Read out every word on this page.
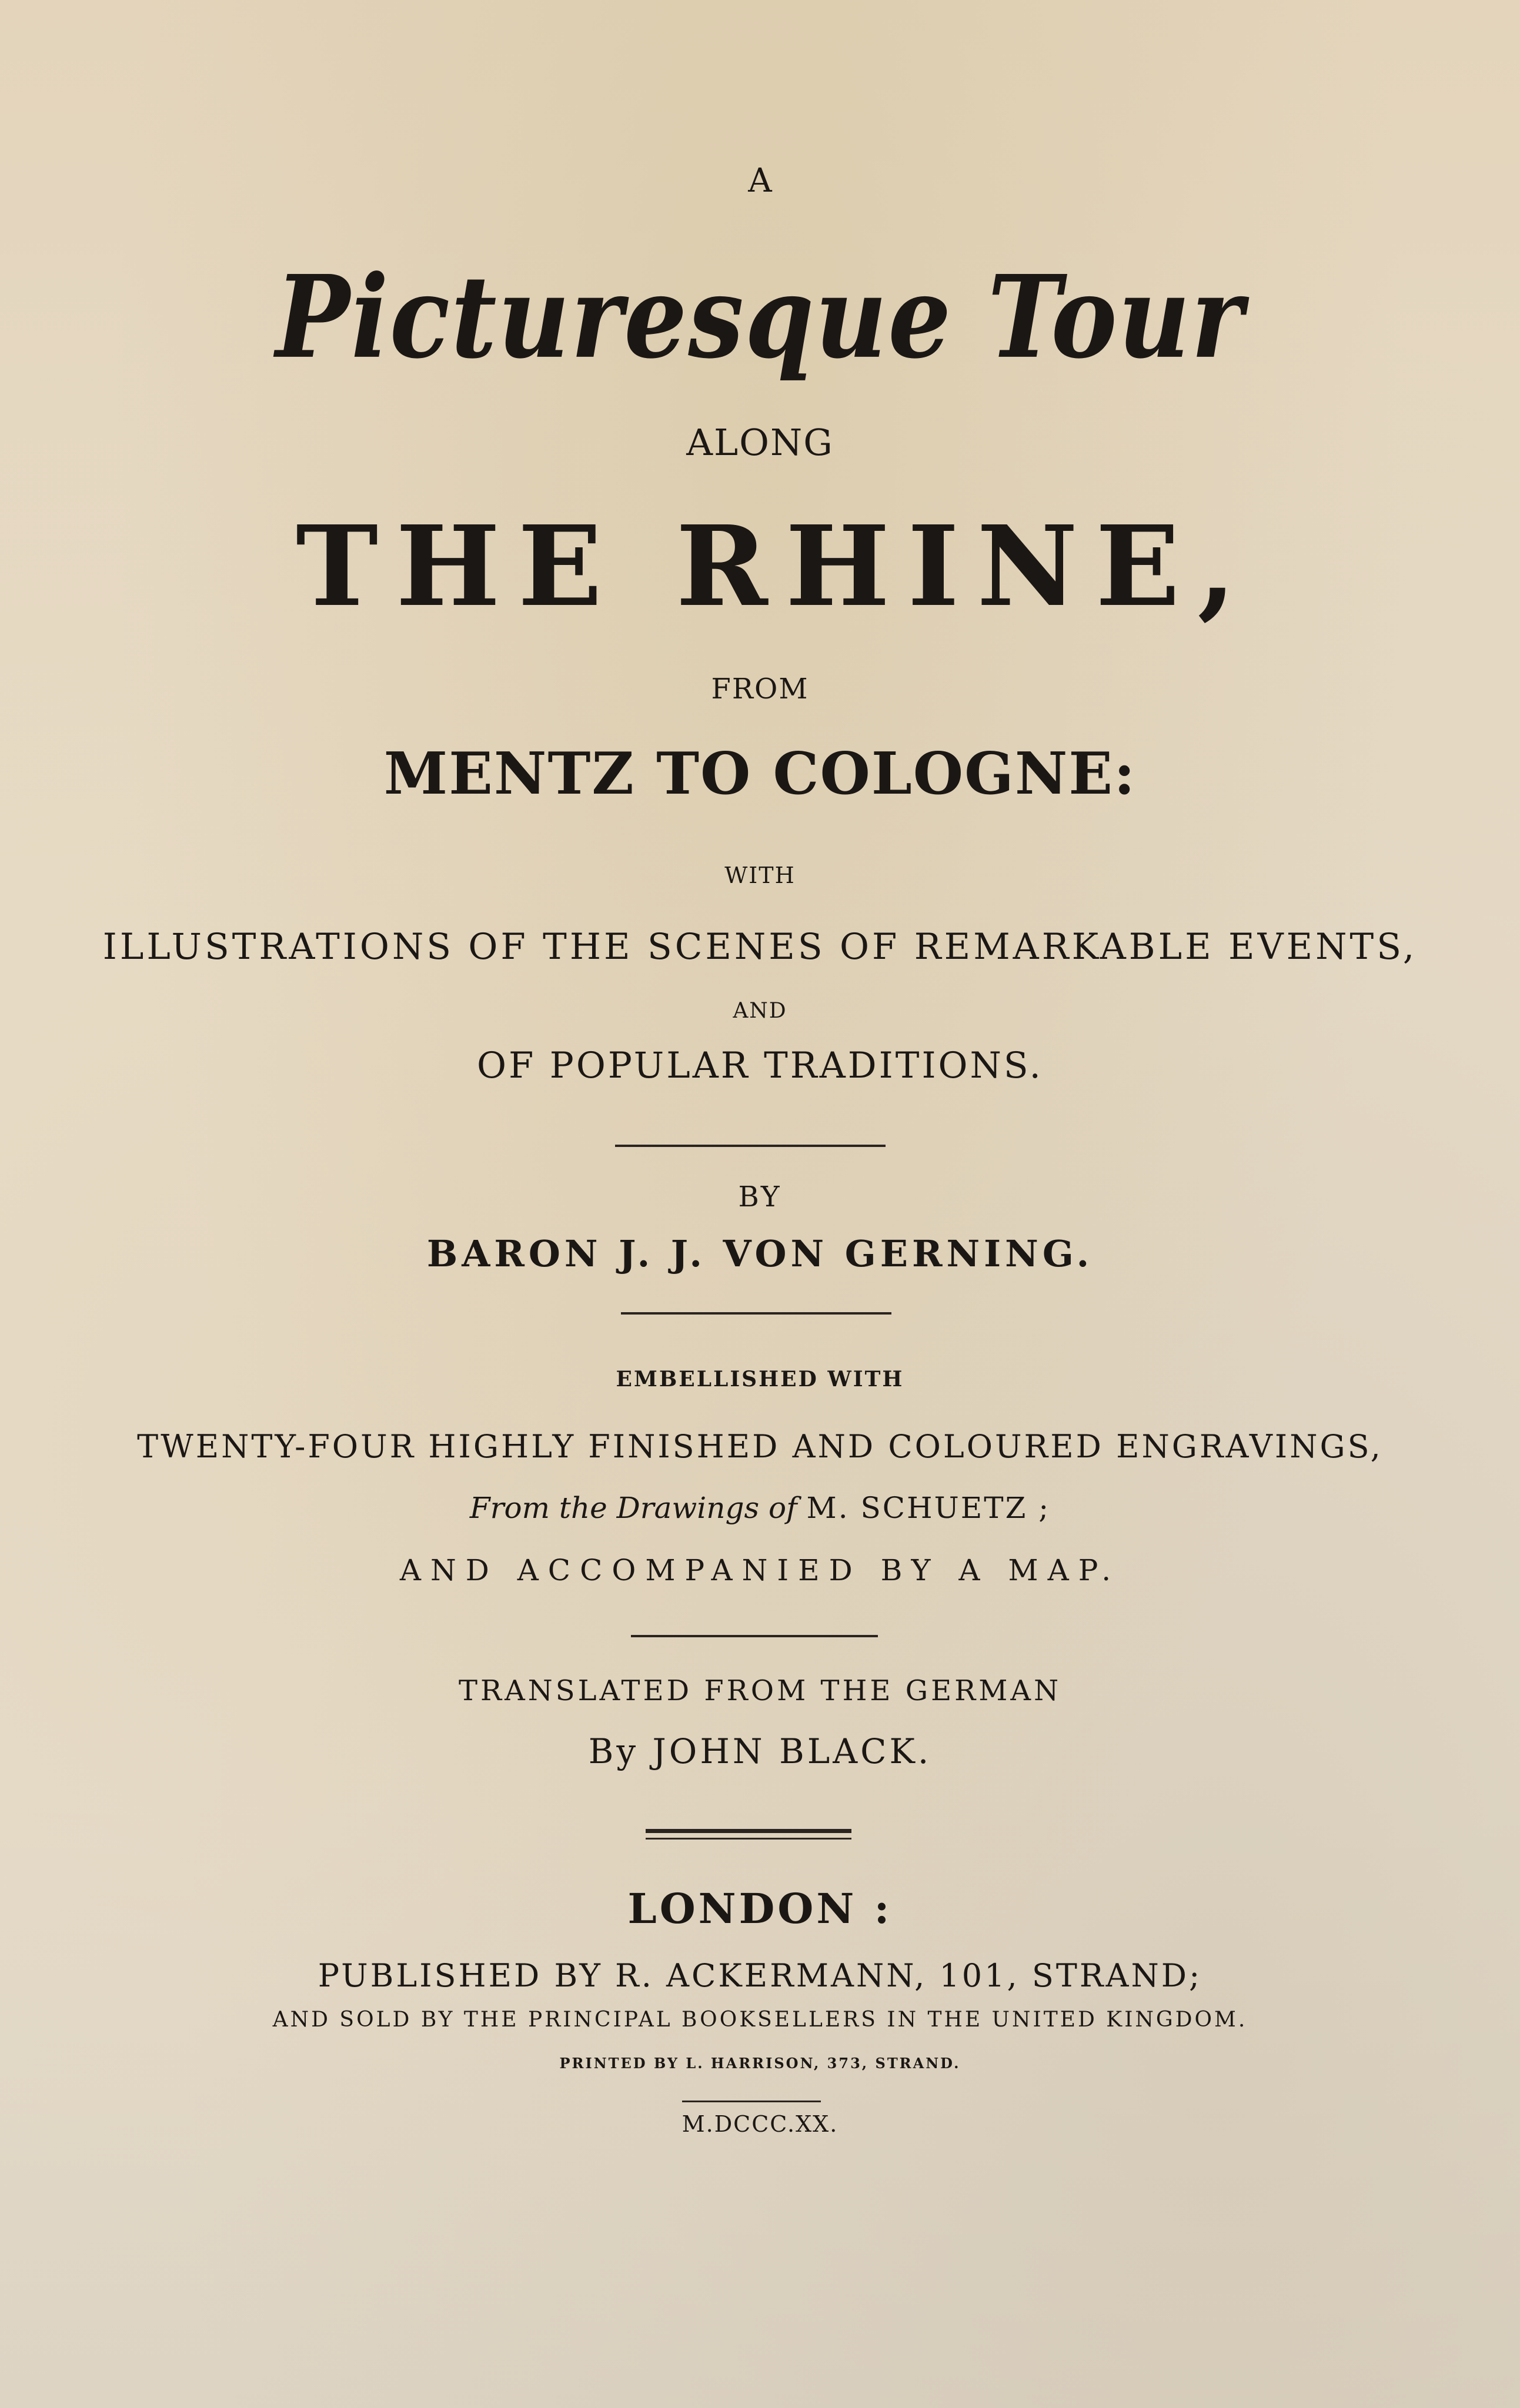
A
Picturesque Tour
ALONG
THE RHINE,
FROM
MENTZ TO COLOGNE:
WITH
ILLUSTRATIONS OF THE SCENES OF REMARKABLE EVENTS,
AND
OF POPULAR TRADITIONS.
BY
BARON J. J. VON GERNING.
EMBELLISHED WITH
TWENTY-FOUR HIGHLY FINISHED AND COLOURED ENGRAVINGS,
From the Drawings of M. SCHUETZ ;
AND ACCOMPANIED BY A MAP.
TRANSLATED FROM THE GERMAN
By JOHN BLACK.
LONDON :
PUBLISHED BY R. ACKERMANN, 101, STRAND;
AND SOLD BY THE PRINCIPAL BOOKSELLERS IN THE UNITED KINGDOM.
PRINTED BY L. HARRISON, 373, STRAND.
M.DCCC.XX.
